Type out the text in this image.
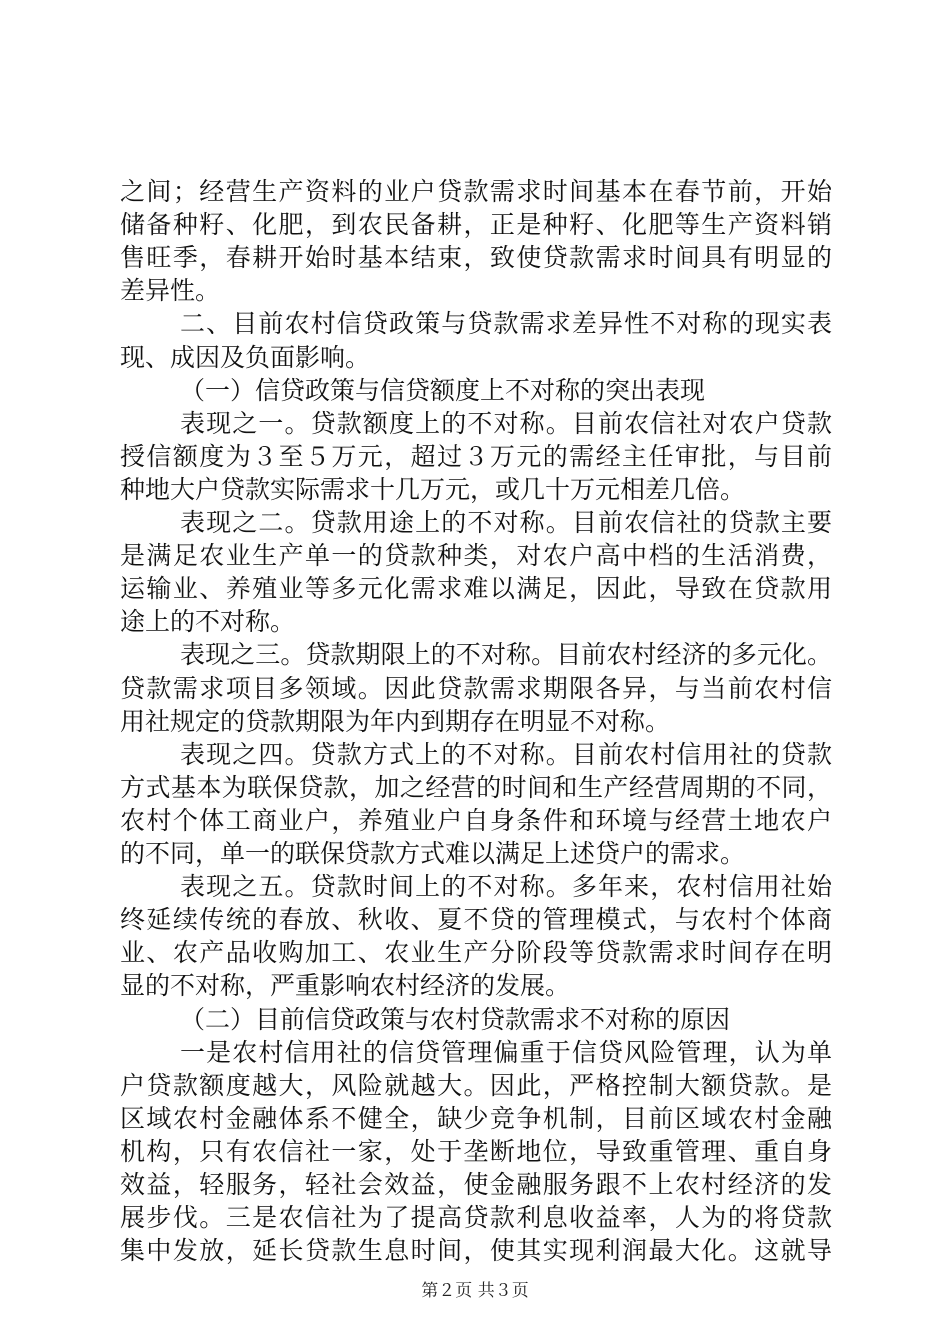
之间；经营生产资料的业户贷款需求时间基本在春节前，开始
储备种籽、化肥，到农民备耕，正是种籽、化肥等生产资料销
售旺季，春耕开始时基本结束，致使贷款需求时间具有明显的
差异性。
二、目前农村信贷政策与贷款需求差异性不对称的现实表
现、成因及负面影响。
（一）信贷政策与信贷额度上不对称的突出表现
表现之一。贷款额度上的不对称。目前农信社对农户贷款
授信额度为３至５万元，超过３万元的需经主任审批，与目前
种地大户贷款实际需求十几万元，或几十万元相差几倍。
表现之二。贷款用途上的不对称。目前农信社的贷款主要
是满足农业生产单一的贷款种类，对农户高中档的生活消费，
运输业、养殖业等多元化需求难以满足，因此，导致在贷款用
途上的不对称。
表现之三。贷款期限上的不对称。目前农村经济的多元化。
贷款需求项目多领域。因此贷款需求期限各异，与当前农村信
用社规定的贷款期限为年内到期存在明显不对称。
表现之四。贷款方式上的不对称。目前农村信用社的贷款
方式基本为联保贷款，加之经营的时间和生产经营周期的不同，
农村个体工商业户，养殖业户自身条件和环境与经营土地农户
的不同，单一的联保贷款方式难以满足上述贷户的需求。
表现之五。贷款时间上的不对称。多年来，农村信用社始
终延续传统的春放、秋收、夏不贷的管理模式，与农村个体商
业、农产品收购加工、农业生产分阶段等贷款需求时间存在明
显的不对称，严重影响农村经济的发展。
（二）目前信贷政策与农村贷款需求不对称的原因
一是农村信用社的信贷管理偏重于信贷风险管理，认为单
户贷款额度越大，风险就越大。因此，严格控制大额贷款。是
区域农村金融体系不健全，缺少竞争机制，目前区域农村金融
机构，只有农信社一家，处于垄断地位，导致重管理、重自身
效益，轻服务，轻社会效益，使金融服务跟不上农村经济的发
展步伐。三是农信社为了提高贷款利息收益率，人为的将贷款
集中发放，延长贷款生息时间，使其实现利润最大化。这就导
第２页 共３页
